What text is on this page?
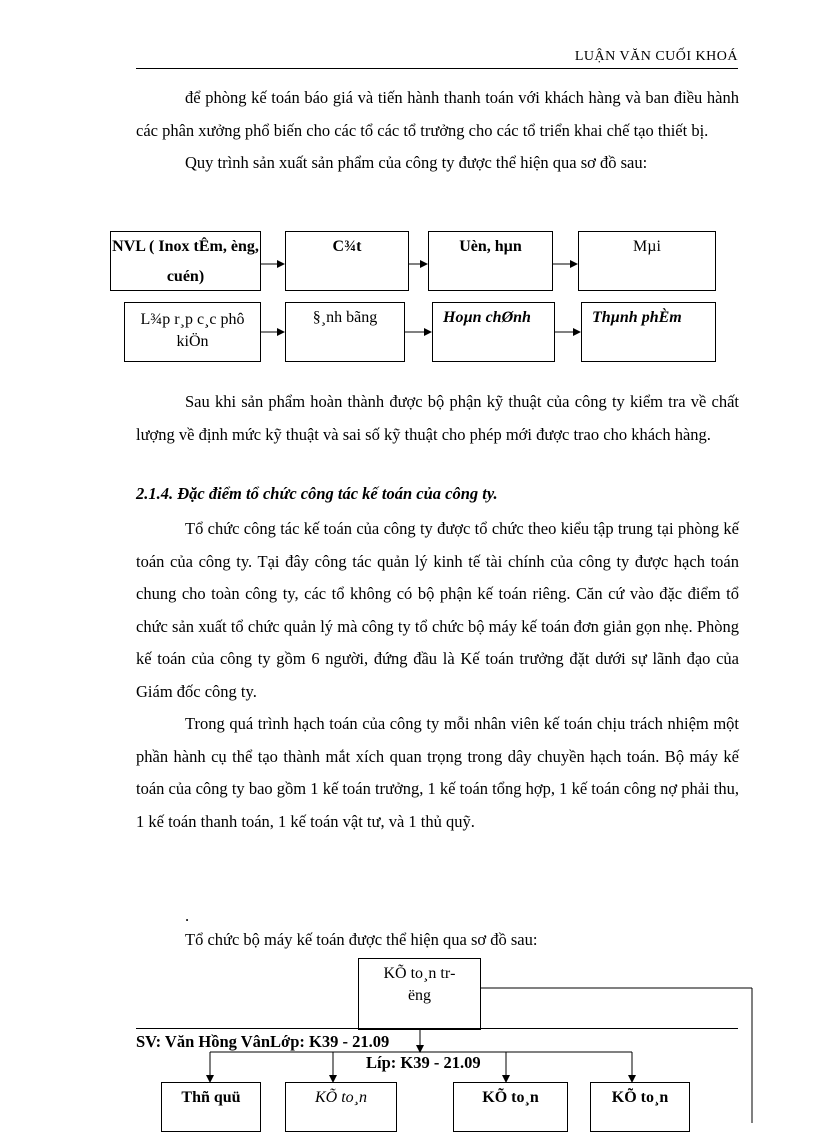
LUẬN VĂN CUỐI KHOÁ

để phòng kế toán báo giá và tiến hành thanh toán với khách hàng và ban điều hành các phân xưởng phổ biến cho các tổ các tổ trưởng cho các tổ triển khai chế tạo thiết bị.

Quy trình sản xuất sản phẩm của công ty được thể hiện qua sơ đồ sau:

NVL ( Inox tÊm, èng, cuén)
C¾t	Uèn, hµn	Mµi
L¾p r¸p c¸c phô kiÖn
§¸nh bãng	Hoµn chØnh	Thµnh phÈm

Sau khi sản phẩm hoàn thành được bộ phận kỹ thuật của công ty kiểm tra về chất lượng về định mức kỹ thuật và sai số kỹ thuật cho phép mới được trao cho khách hàng.

2.1.4. Đặc điểm tổ chức công tác kế toán của công ty.

Tổ chức công tác kế toán của công ty được tổ chức theo kiểu tập trung tại phòng kế toán của công ty. Tại đây công tác quản lý kinh tế tài chính của công ty được hạch toán chung cho toàn công ty, các tổ không có bộ phận kế toán riêng. Căn cứ vào đặc điểm tổ chức sản xuất tổ chức quản lý mà công ty tổ chức bộ máy kế toán đơn giản gọn nhẹ. Phòng kế toán của công ty gồm 6 người, đứng đầu là Kế toán trưởng đặt dưới sự lãnh đạo của Giám đốc công ty.

Trong quá trình hạch toán của công ty mỗi nhân viên kế toán chịu trách nhiệm một phần hành cụ thể tạo thành mắt xích quan trọng trong dây chuyền hạch toán. Bộ máy kế toán của công ty bao gồm 1 kế toán trưởng, 1 kế toán tổng hợp, 1 kế toán công nợ phải thu, 1 kế toán thanh toán, 1 kế toán vật tư, và 1 thủ quỹ.

.
Tổ chức bộ máy kế toán được thể hiện qua sơ đồ sau:
KÕ to¸n trëng
SV: Văn Hồng VânLớp: K39 - 21.09
Líp: K39 - 21.09
Thñ quü	KÕ to¸n	KÕ to¸n	KÕ to¸n
